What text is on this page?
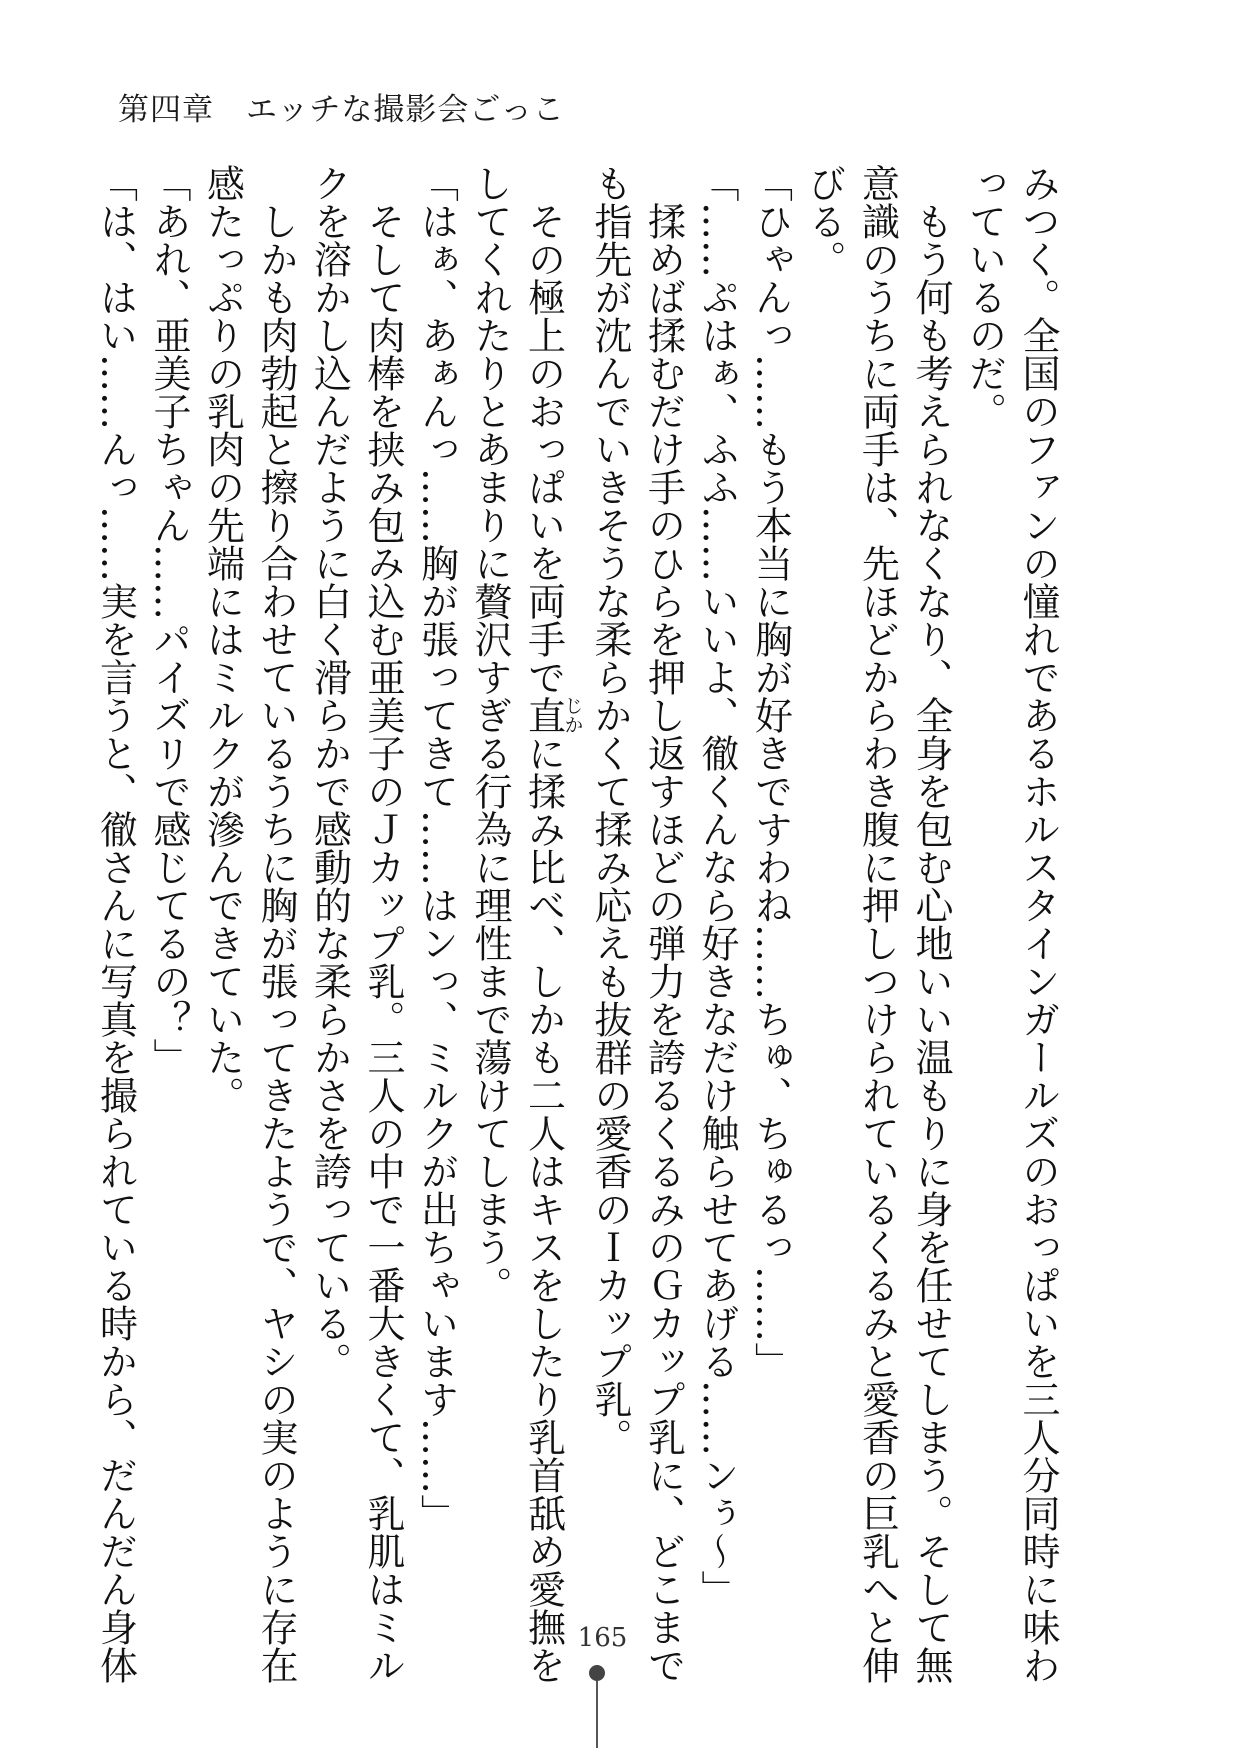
第四章　エッチな撮影会ごっこ

みつく。全国のファンの憧れであるホルスタインガールズのおっぱいを三人分同時に味わ

っているのだ。

　もう何も考えられなくなり、全身を包む心地いい温もりに身を任せてしまう。そして無

意識のうちに両手は、先ほどからわき腹に押しつけられているくるみと愛香の巨乳へと伸

びる。

「ひゃんっ……もう本当に胸が好きですわね……ちゅ、ちゅるっ……」

「……ぷはぁ、ふふ……いいよ、徹くんなら好きなだけ触らせてあげる……ンぅ〜」

　揉めば揉むだけ手のひらを押し返すほどの弾力を誇るくるみのＧカップ乳に、どこまで

も指先が沈んでいきそうな柔らかくて揉み応えも抜群の愛香のＩカップ乳。

　その極上のおっぱいを両手で直じかに揉み比べ、しかも二人はキスをしたり乳首舐め愛撫を

してくれたりとあまりに贅沢すぎる行為に理性まで蕩けてしまう。

「はぁ、あぁんっ……胸が張ってきて……はンっ、ミルクが出ちゃいます……」

　そして肉棒を挟み包み込む亜美子のＪカップ乳。三人の中で一番大きくて、乳肌はミル

クを溶かし込んだように白く滑らかで感動的な柔らかさを誇っている。

　しかも肉勃起と擦り合わせているうちに胸が張ってきたようで、ヤシの実のように存在

感たっぷりの乳肉の先端にはミルクが滲んできていた。

「あれ、亜美子ちゃん……パイズリで感じてるの？」

「は、はい……んっ……実を言うと、徹さんに写真を撮られている時から、だんだん身体	165
